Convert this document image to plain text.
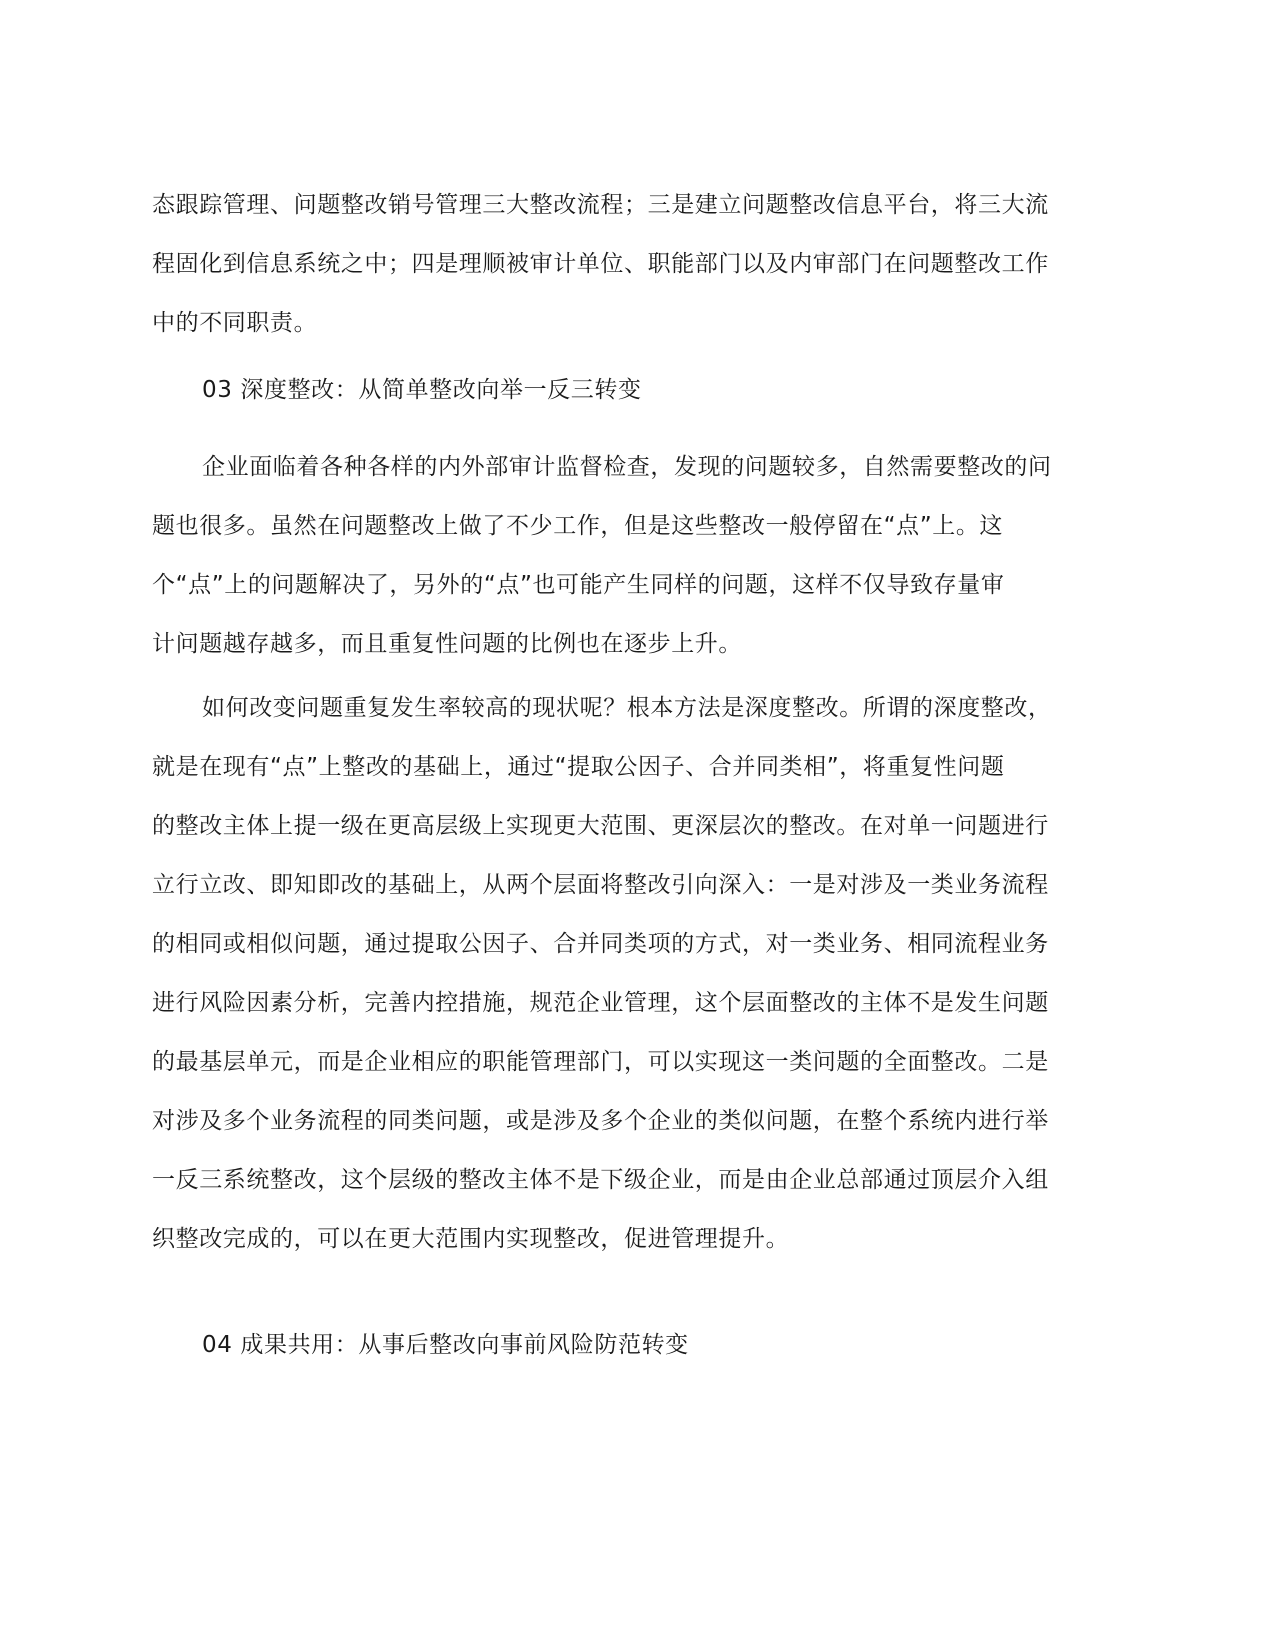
态跟踪管理、问题整改销号管理三大整改流程；三是建立问题整改信息平台，将三大流
程固化到信息系统之中；四是理顺被审计单位、职能部门以及内审部门在问题整改工作
中的不同职责。
03 深度整改：从简单整改向举一反三转变
企业面临着各种各样的内外部审计监督检查，发现的问题较多，自然需要整改的问
题也很多。虽然在问题整改上做了不少工作，但是这些整改一般停留在“点”上。这
个“点”上的问题解决了，另外的“点”也可能产生同样的问题，这样不仅导致存量审
计问题越存越多，而且重复性问题的比例也在逐步上升。
如何改变问题重复发生率较高的现状呢？根本方法是深度整改。所谓的深度整改，
就是在现有“点”上整改的基础上，通过“提取公因子、合并同类相”，将重复性问题
的整改主体上提一级在更高层级上实现更大范围、更深层次的整改。在对单一问题进行
立行立改、即知即改的基础上，从两个层面将整改引向深入：一是对涉及一类业务流程
的相同或相似问题，通过提取公因子、合并同类项的方式，对一类业务、相同流程业务
进行风险因素分析，完善内控措施，规范企业管理，这个层面整改的主体不是发生问题
的最基层单元，而是企业相应的职能管理部门，可以实现这一类问题的全面整改。二是
对涉及多个业务流程的同类问题，或是涉及多个企业的类似问题，在整个系统内进行举
一反三系统整改，这个层级的整改主体不是下级企业，而是由企业总部通过顶层介入组
织整改完成的，可以在更大范围内实现整改，促进管理提升。
04 成果共用：从事后整改向事前风险防范转变
